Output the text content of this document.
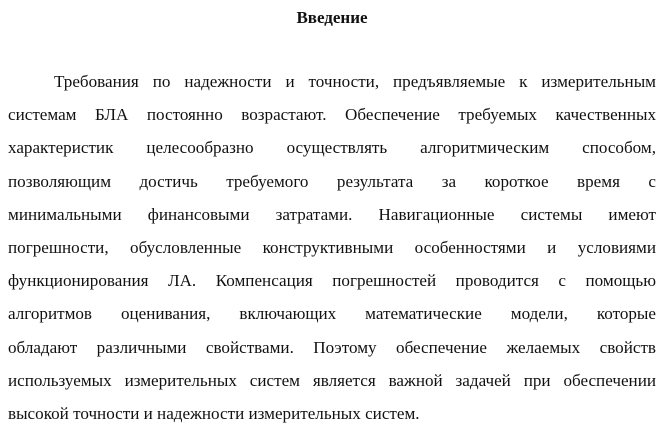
Введение
Требования по надежности и точности, предъявляемые к измерительным
системам БЛА постоянно возрастают. Обеспечение требуемых качественных
характеристик целесообразно осуществлять алгоритмическим способом,
позволяющим достичь требуемого результата за короткое время с
минимальными финансовыми затратами. Навигационные системы имеют
погрешности, обусловленные конструктивными особенностями и условиями
функционирования ЛА. Компенсация погрешностей проводится с помощью
алгоритмов оценивания, включающих математические модели, которые
обладают различными свойствами. Поэтому обеспечение желаемых свойств
используемых измерительных систем является важной задачей при обеспечении
высокой точности и надежности измерительных систем.
